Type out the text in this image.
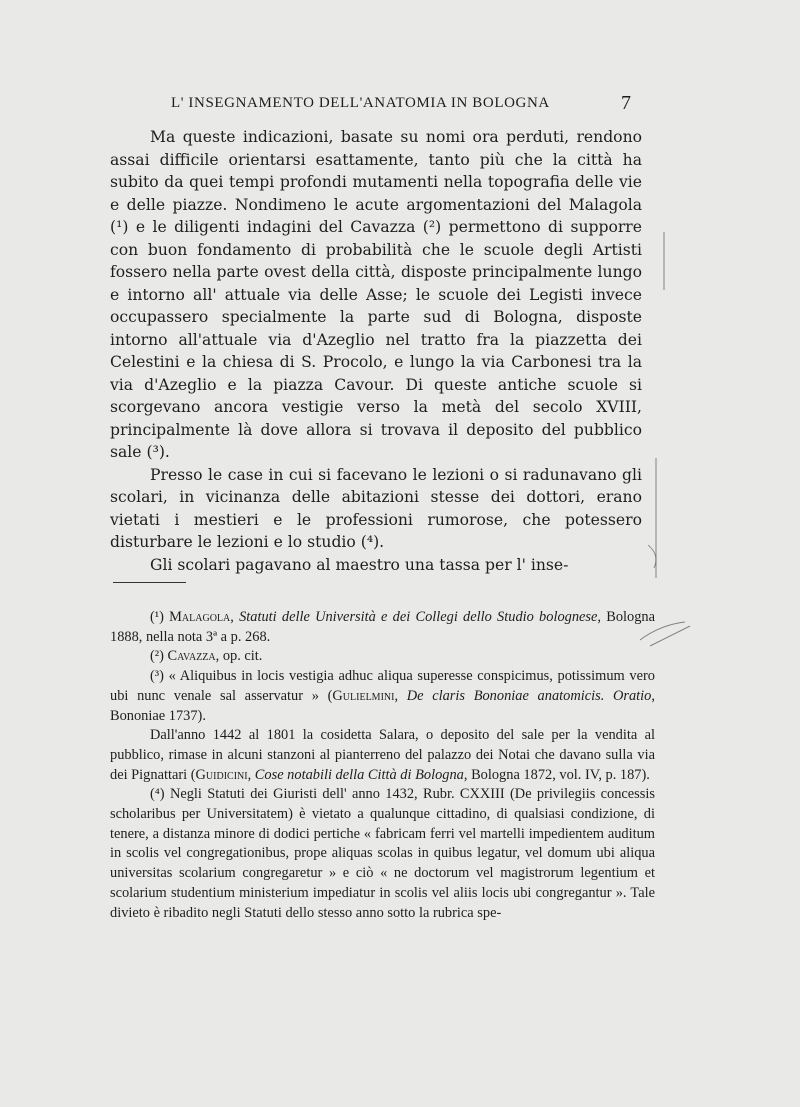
L' INSEGNAMENTO DELL'ANATOMIA IN BOLOGNA	7

Ma queste indicazioni, basate su nomi ora perduti, rendono assai difficile orientarsi esattamente, tanto più che la città ha subito da quei tempi profondi mutamenti nella topografia delle vie e delle piazze. Nondimeno le acute argomentazioni del Malagola (¹) e le diligenti indagini del Cavazza (²) permettono di supporre con buon fondamento di probabilità che le scuole degli Artisti fossero nella parte ovest della città, disposte principalmente lungo e intorno all' attuale via delle Asse; le scuole dei Legisti invece occupassero specialmente la parte sud di Bologna, disposte intorno all'attuale via d'Azeglio nel tratto fra la piazzetta dei Celestini e la chiesa di S. Procolo, e lungo la via Carbonesi tra la via d'Azeglio e la piazza Cavour. Di queste antiche scuole si scorgevano ancora vestigie verso la metà del secolo XVIII, principalmente là dove allora si trovava il deposito del pubblico sale (³).

Presso le case in cui si facevano le lezioni o si radunavano gli scolari, in vicinanza delle abitazioni stesse dei dottori, erano vietati i mestieri e le professioni rumorose, che potessero disturbare le lezioni e lo studio (⁴).

Gli scolari pagavano al maestro una tassa per l' inse-

(¹) Malagola, Statuti delle Università e dei Collegi dello Studio bolognese, Bologna 1888, nella nota 3ª a p. 268.

(²) Cavazza, op. cit.

(³) « Aliquibus in locis vestigia adhuc aliqua superesse conspicimus, potissimum vero ubi nunc venale sal asservatur » (Gulielmini, De claris Bononiae anatomicis. Oratio, Bononiae 1737).

Dall'anno 1442 al 1801 la cosidetta Salara, o deposito del sale per la vendita al pubblico, rimase in alcuni stanzoni al pianterreno del palazzo dei Notai che davano sulla via dei Pignattari (Guidicini, Cose notabili della Città di Bologna, Bologna 1872, vol. IV, p. 187).

(⁴) Negli Statuti dei Giuristi dell' anno 1432, Rubr. CXXIII (De privilegiis concessis scholaribus per Universitatem) è vietato a qualunque cittadino, di qualsiasi condizione, di tenere, a distanza minore di dodici pertiche « fabricam ferri vel martelli impedientem auditum in scolis vel congregationibus, prope aliquas scolas in quibus legatur, vel domum ubi aliqua universitas scolarium congregaretur » e ciò « ne doctorum vel magistrorum legentium et scolarium studentium ministerium impediatur in scolis vel aliis locis ubi congregantur ». Tale divieto è ribadito negli Statuti dello stesso anno sotto la rubrica spe-
